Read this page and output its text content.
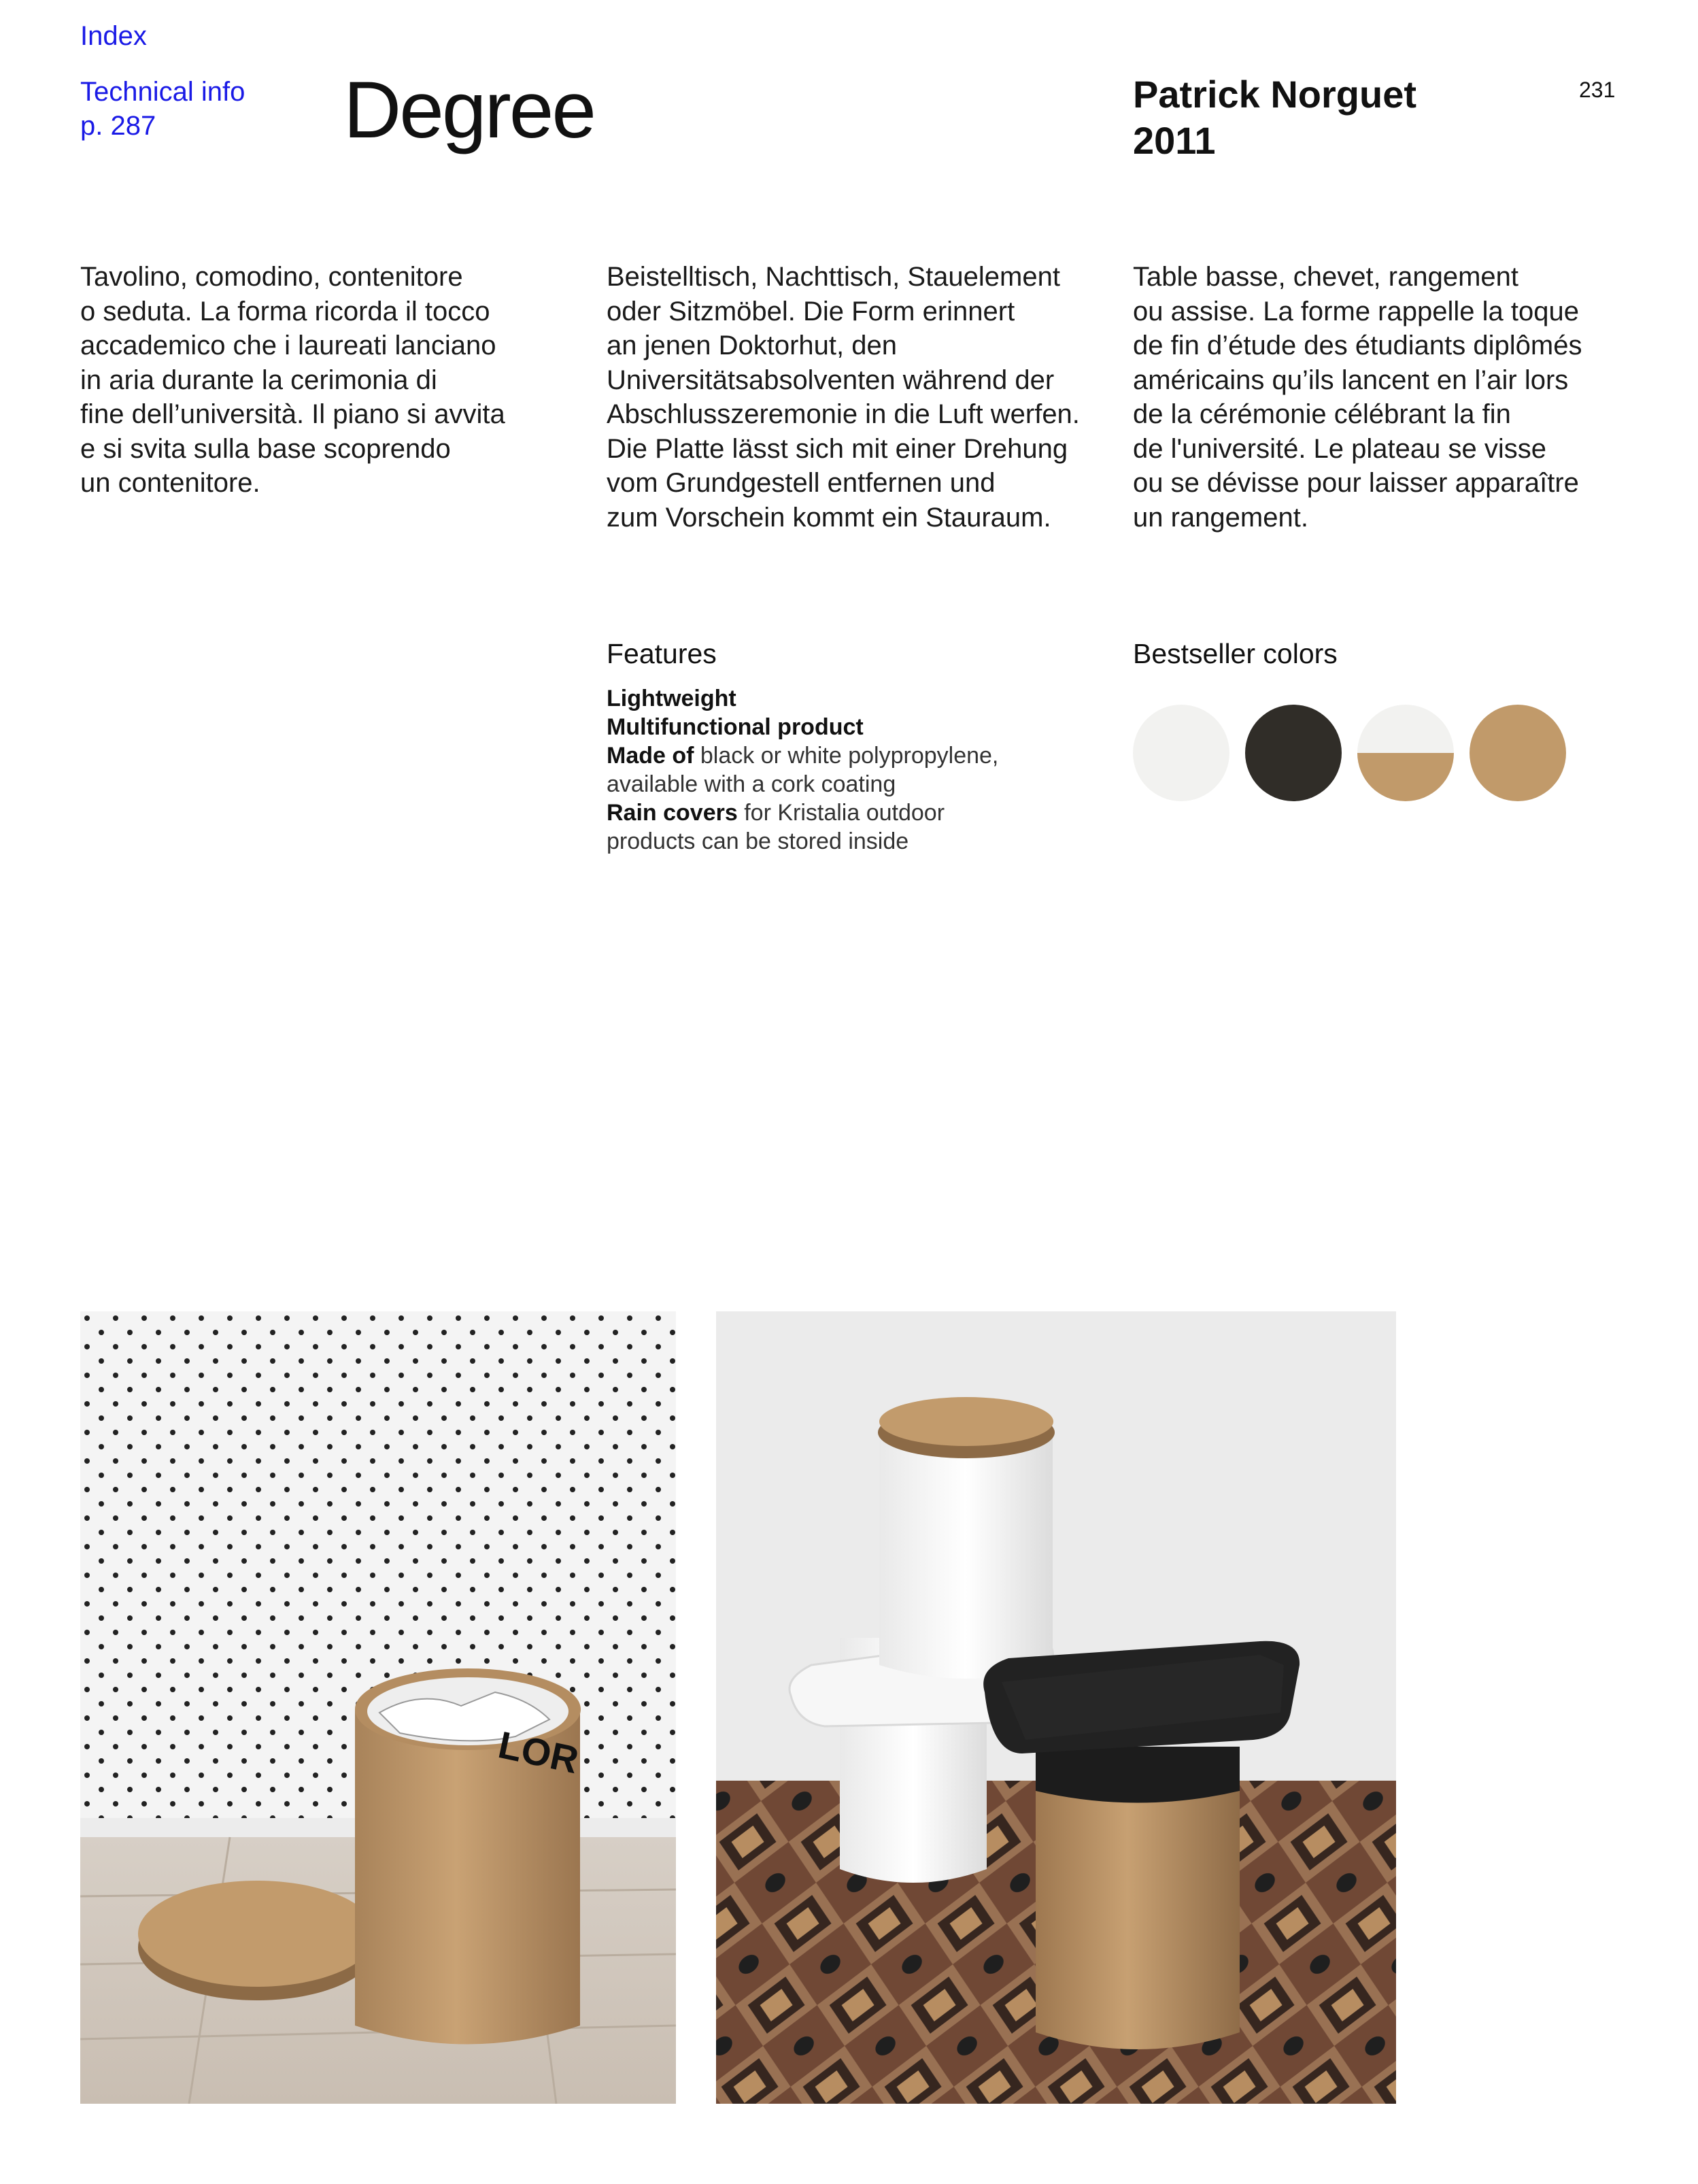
Index
Technical info
p. 287 Degree	Patrick Norguet
2011
231
Tavolino, comodino, contenitore
o seduta. La forma ricorda il tocco
accademico che i laureati lanciano
in aria durante la cerimonia di
fine dell’università. Il piano si avvita
e si svita sulla base scoprendo
un contenitore.
Beistelltisch, Nachttisch, Stauelement
oder Sitzmöbel. Die Form erinnert
an jenen Doktorhut, den
Universitätsabsolventen während der
Abschlusszeremonie in die Luft werfen.
Die Platte lässt sich mit einer Drehung
vom Grundgestell entfernen und
zum Vorschein kommt ein Stauraum.
Table basse, chevet, rangement
ou assise. La forme rappelle la toque
de fin d’étude des étudiants diplômés
américains qu’ils lancent en l’air lors
de la cérémonie célébrant la fin
de l'université. Le plateau se visse
ou se dévisse pour laisser apparaître
un rangement.
Features
Lightweight
Multifunctional product
Made of black or white polypropylene,
available with a cork coating
Rain covers for Kristalia outdoor
products can be stored inside
Bestseller colors
LOR
